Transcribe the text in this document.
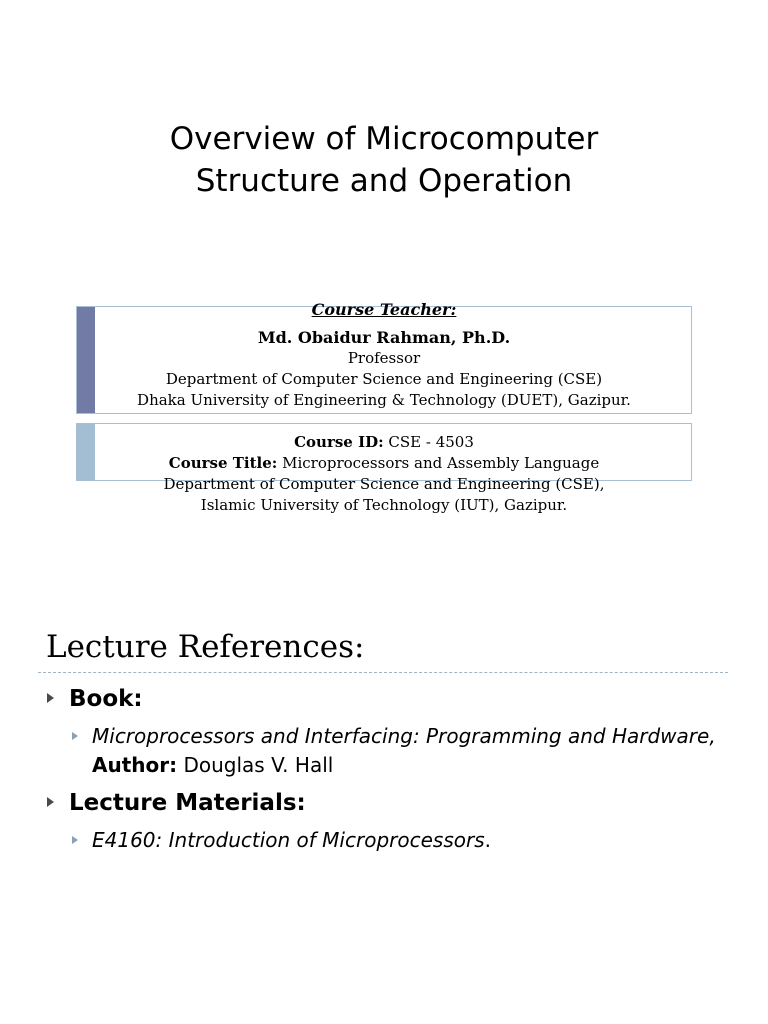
Overview of Microcomputer
Structure and Operation
Course Teacher:
Md. Obaidur Rahman, Ph.D.
Professor
Department of Computer Science and Engineering (CSE)
Dhaka University of Engineering & Technology (DUET), Gazipur.
Course ID: CSE - 4503
Course Title: Microprocessors and Assembly Language
Department of Computer Science and Engineering (CSE),
Islamic University of Technology (IUT), Gazipur.
Lecture References:
Book:
Microprocessors and Interfacing: Programming and Hardware,
Author: Douglas V. Hall
Lecture Materials:
E4160: Introduction of Microprocessors .
